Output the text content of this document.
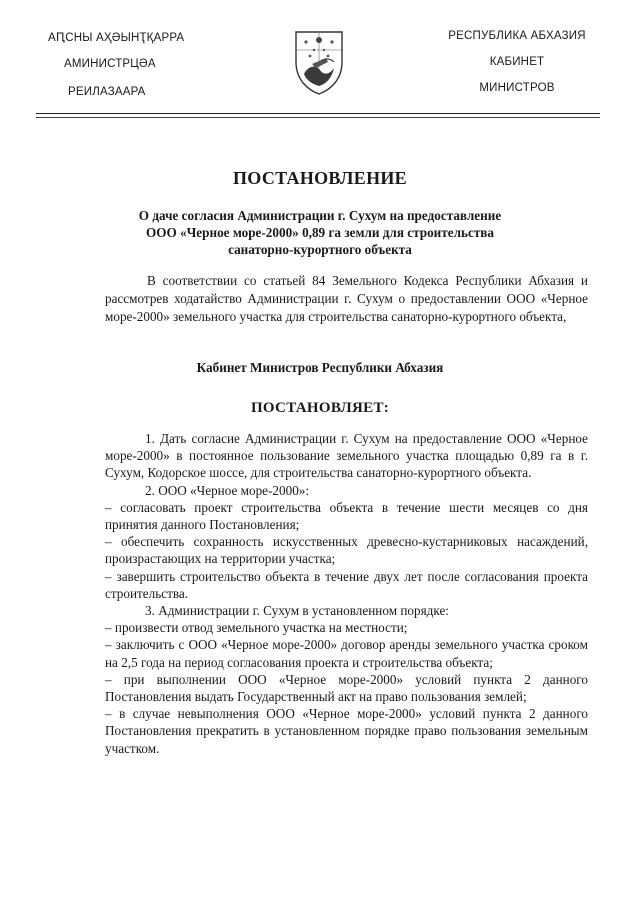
АԤСНЫ АҲӘЫНҬҚАРРА
АМИНИСТРЦӘА
РЕИЛАЗААРА
РЕСПУБЛИКА АБХАЗИЯ
КАБИНЕТ
МИНИСТРОВ
ПОСТАНОВЛЕНИЕ
О даче согласия Администрации г. Сухум на предоставление
ООО «Черное море-2000» 0,89 га земли для строительства
санаторно-курортного объекта

В соответствии со статьей 84 Земельного Кодекса Республики Абхазия и рассмотрев ходатайство Администрации г. Сухум о предоставлении ООО «Черное море-2000» земельного участка для строительства санаторно-курортного объекта,

Кабинет Министров Республики Абхазия
ПОСТАНОВЛЯЕТ:

1. Дать согласие Администрации г. Сухум на предоставление ООО «Черное море-2000» в постоянное пользование земельного участка площадью 0,89 га в г. Сухум, Кодорское шоссе, для строительства санаторно-курортного объекта.

2. ООО «Черное море-2000»:

– согласовать проект строительства объекта в течение шести месяцев со дня принятия данного Постановления;

– обеспечить сохранность искусственных древесно-кустарниковых насаждений, произрастающих на территории участка;

– завершить строительство объекта в течение двух лет после согласования проекта строительства.

3. Администрации г. Сухум в установленном порядке:

– произвести отвод земельного участка на местности;

– заключить с ООО «Черное море-2000» договор аренды земельного участка сроком на 2,5 года на период согласования проекта и строительства объекта;

– при выполнении ООО «Черное море-2000» условий пункта 2 данного Постановления выдать Государственный акт на право пользования землей;

– в случае невыполнения ООО «Черное море-2000» условий пункта 2 данного Постановления прекратить в установленном порядке право пользования земельным участком.
